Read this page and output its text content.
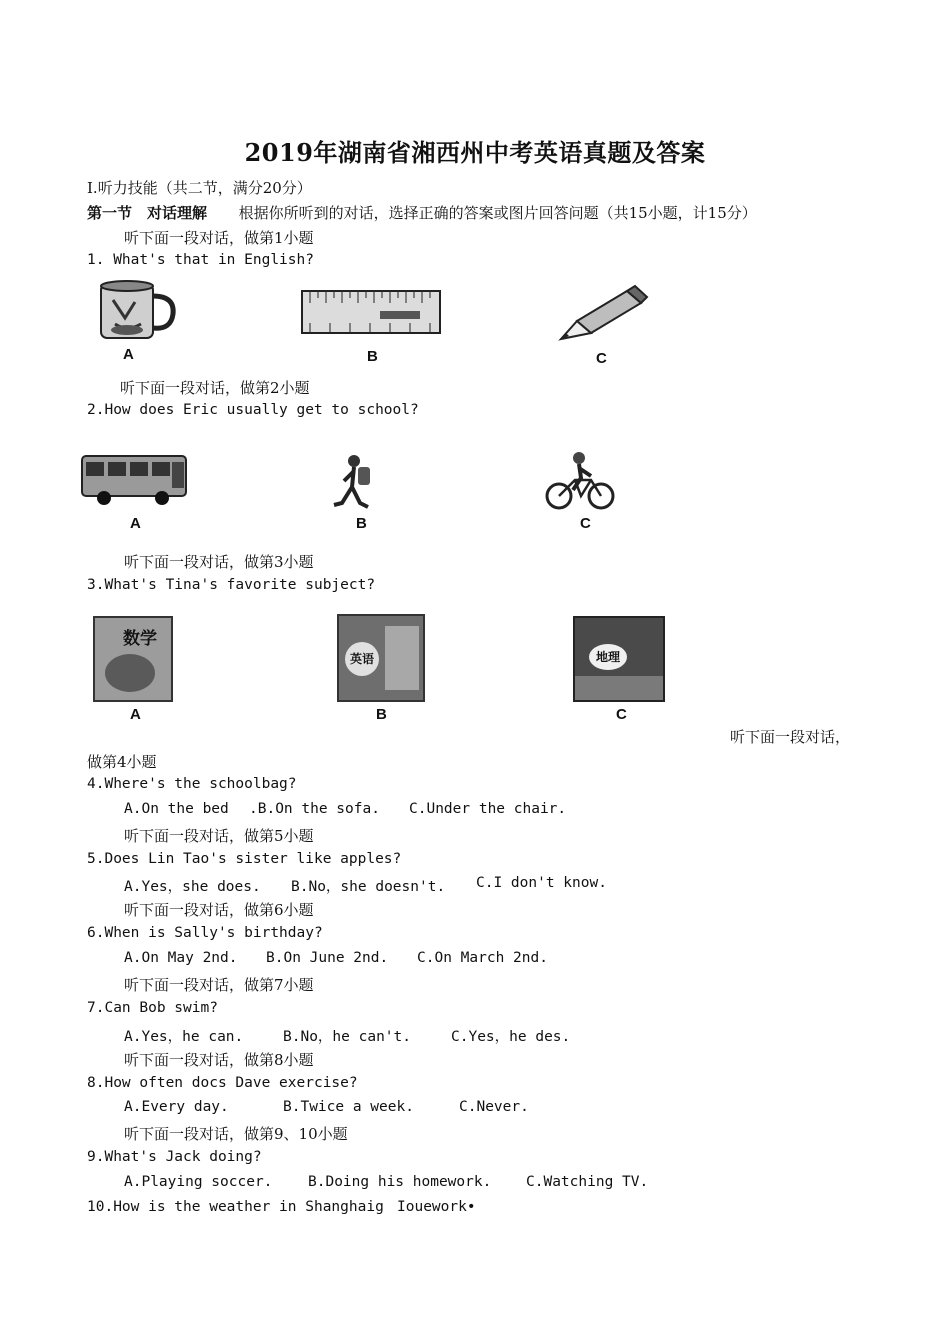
2019年湖南省湘西州中考英语真题及答案
I.听力技能（共二节，满分20分）
第一节　对话理解 根据你所听到的对话，选择正确的答案或图片回答问题（共15小题，计15分）
听下面一段对话，做第1小题
1. What's that in English?
A	B	C
听下面一段对话，做第2小题
2.How does Eric usually get to school?
A	B	C
听下面一段对话，做第3小题
3.What's Tina's favorite subject?
数学
A
英语
B
地理
C
听下面一段对话，
做第4小题
4.Where's the schoolbag?
A.On the bed .B.On the sofa. C.Under the chair.
听下面一段对话，做第5小题
5.Does Lin Tao's sister like apples?
A.Yes，she does. B.No，she doesn't. C.I don't know.
听下面一段对话，做第6小题
6.When is Sally's birthday?
A.On May 2nd. B.On June 2nd. C.On March 2nd.
听下面一段对话，做第7小题
7.Can Bob swim?
A.Yes，he can.	B.No，he can't.	C.Yes，he des.
听下面一段对话，做第8小题
8.How often docs Dave exercise?
A.Every day.	B.Twice a week.	C.Never.
听下面一段对话，做第9、10小题
9.What's Jack doing?
A.Playing soccer. B.Doing his homework. C.Watching TV.
10.How is the weather in Shanghaig Iouework•
